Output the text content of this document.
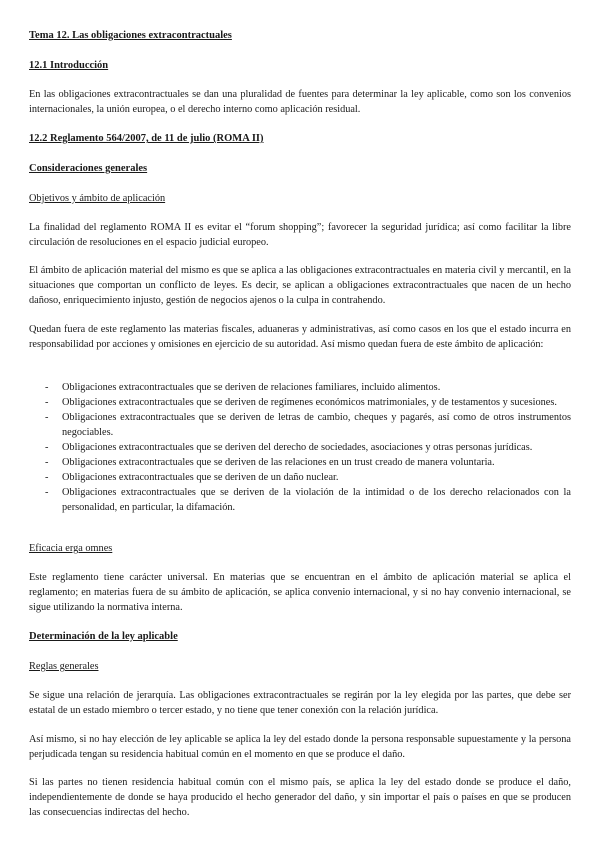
Tema 12. Las obligaciones extracontractuales

12.1 Introducción

En las obligaciones extracontractuales se dan una pluralidad de fuentes para determinar la ley aplicable, como son los convenios internacionales, la unión europea, o el derecho interno como aplicación residual.

12.2 Reglamento 564/2007, de 11 de julio (ROMA II)

Consideraciones generales

Objetivos y ámbito de aplicación

La finalidad del reglamento ROMA II es evitar el “forum shopping”; favorecer la seguridad jurídica; así como facilitar la libre circulación de resoluciones en el espacio judicial europeo.

El ámbito de aplicación material del mismo es que se aplica a las obligaciones extracontractuales en materia civil y mercantil, en la situaciones que comportan un conflicto de leyes. Es decir, se aplican a obligaciones extracontractuales que nacen de un hecho dañoso, enriquecimiento injusto, gestión de negocios ajenos o la culpa in contrahendo.

Quedan fuera de este reglamento las materias fiscales, aduaneras y administrativas, así como casos en los que el estado incurra en responsabilidad por acciones y omisiones en ejercicio de su autoridad. Así mismo quedan fuera de este ámbito de aplicación:

- Obligaciones extracontractuales que se deriven de relaciones familiares, incluido alimentos.
- Obligaciones extracontractuales que se deriven de regímenes económicos matrimoniales, y de testamentos y sucesiones.
- Obligaciones extracontractuales que se deriven de letras de cambio, cheques y pagarés, así como de otros instrumentos negociables.
- Obligaciones extracontractuales que se deriven del derecho de sociedades, asociaciones y otras personas jurídicas.
- Obligaciones extracontractuales que se deriven de las relaciones en un trust creado de manera voluntaria.
- Obligaciones extracontractuales que se deriven de un daño nuclear.
- Obligaciones extracontractuales que se deriven de la violación de la intimidad o de los derecho relacionados con la personalidad, en particular, la difamación.

Eficacia erga omnes

Este reglamento tiene carácter universal. En materias que se encuentran en el ámbito de aplicación material se aplica el reglamento; en materias fuera de su ámbito de aplicación, se aplica convenio internacional, y si no hay convenio internacional, se sigue utilizando la normativa interna.

Determinación de la ley aplicable

Reglas generales

Se sigue una relación de jerarquía. Las obligaciones extracontractuales se regirán por la ley elegida por las partes, que debe ser estatal de un estado miembro o tercer estado, y no tiene que tener conexión con la relación jurídica.

Así mismo, si no hay elección de ley aplicable se aplica la ley del estado donde la persona responsable supuestamente y la persona perjudicada tengan su residencia habitual común en el momento en que se produce el daño.

Si las partes no tienen residencia habitual común con el mismo país, se aplica la ley del estado donde se produce el daño, independientemente de donde se haya producido el hecho generador del daño, y sin importar el país o países en que se producen las consecuencias indirectas del hecho.
